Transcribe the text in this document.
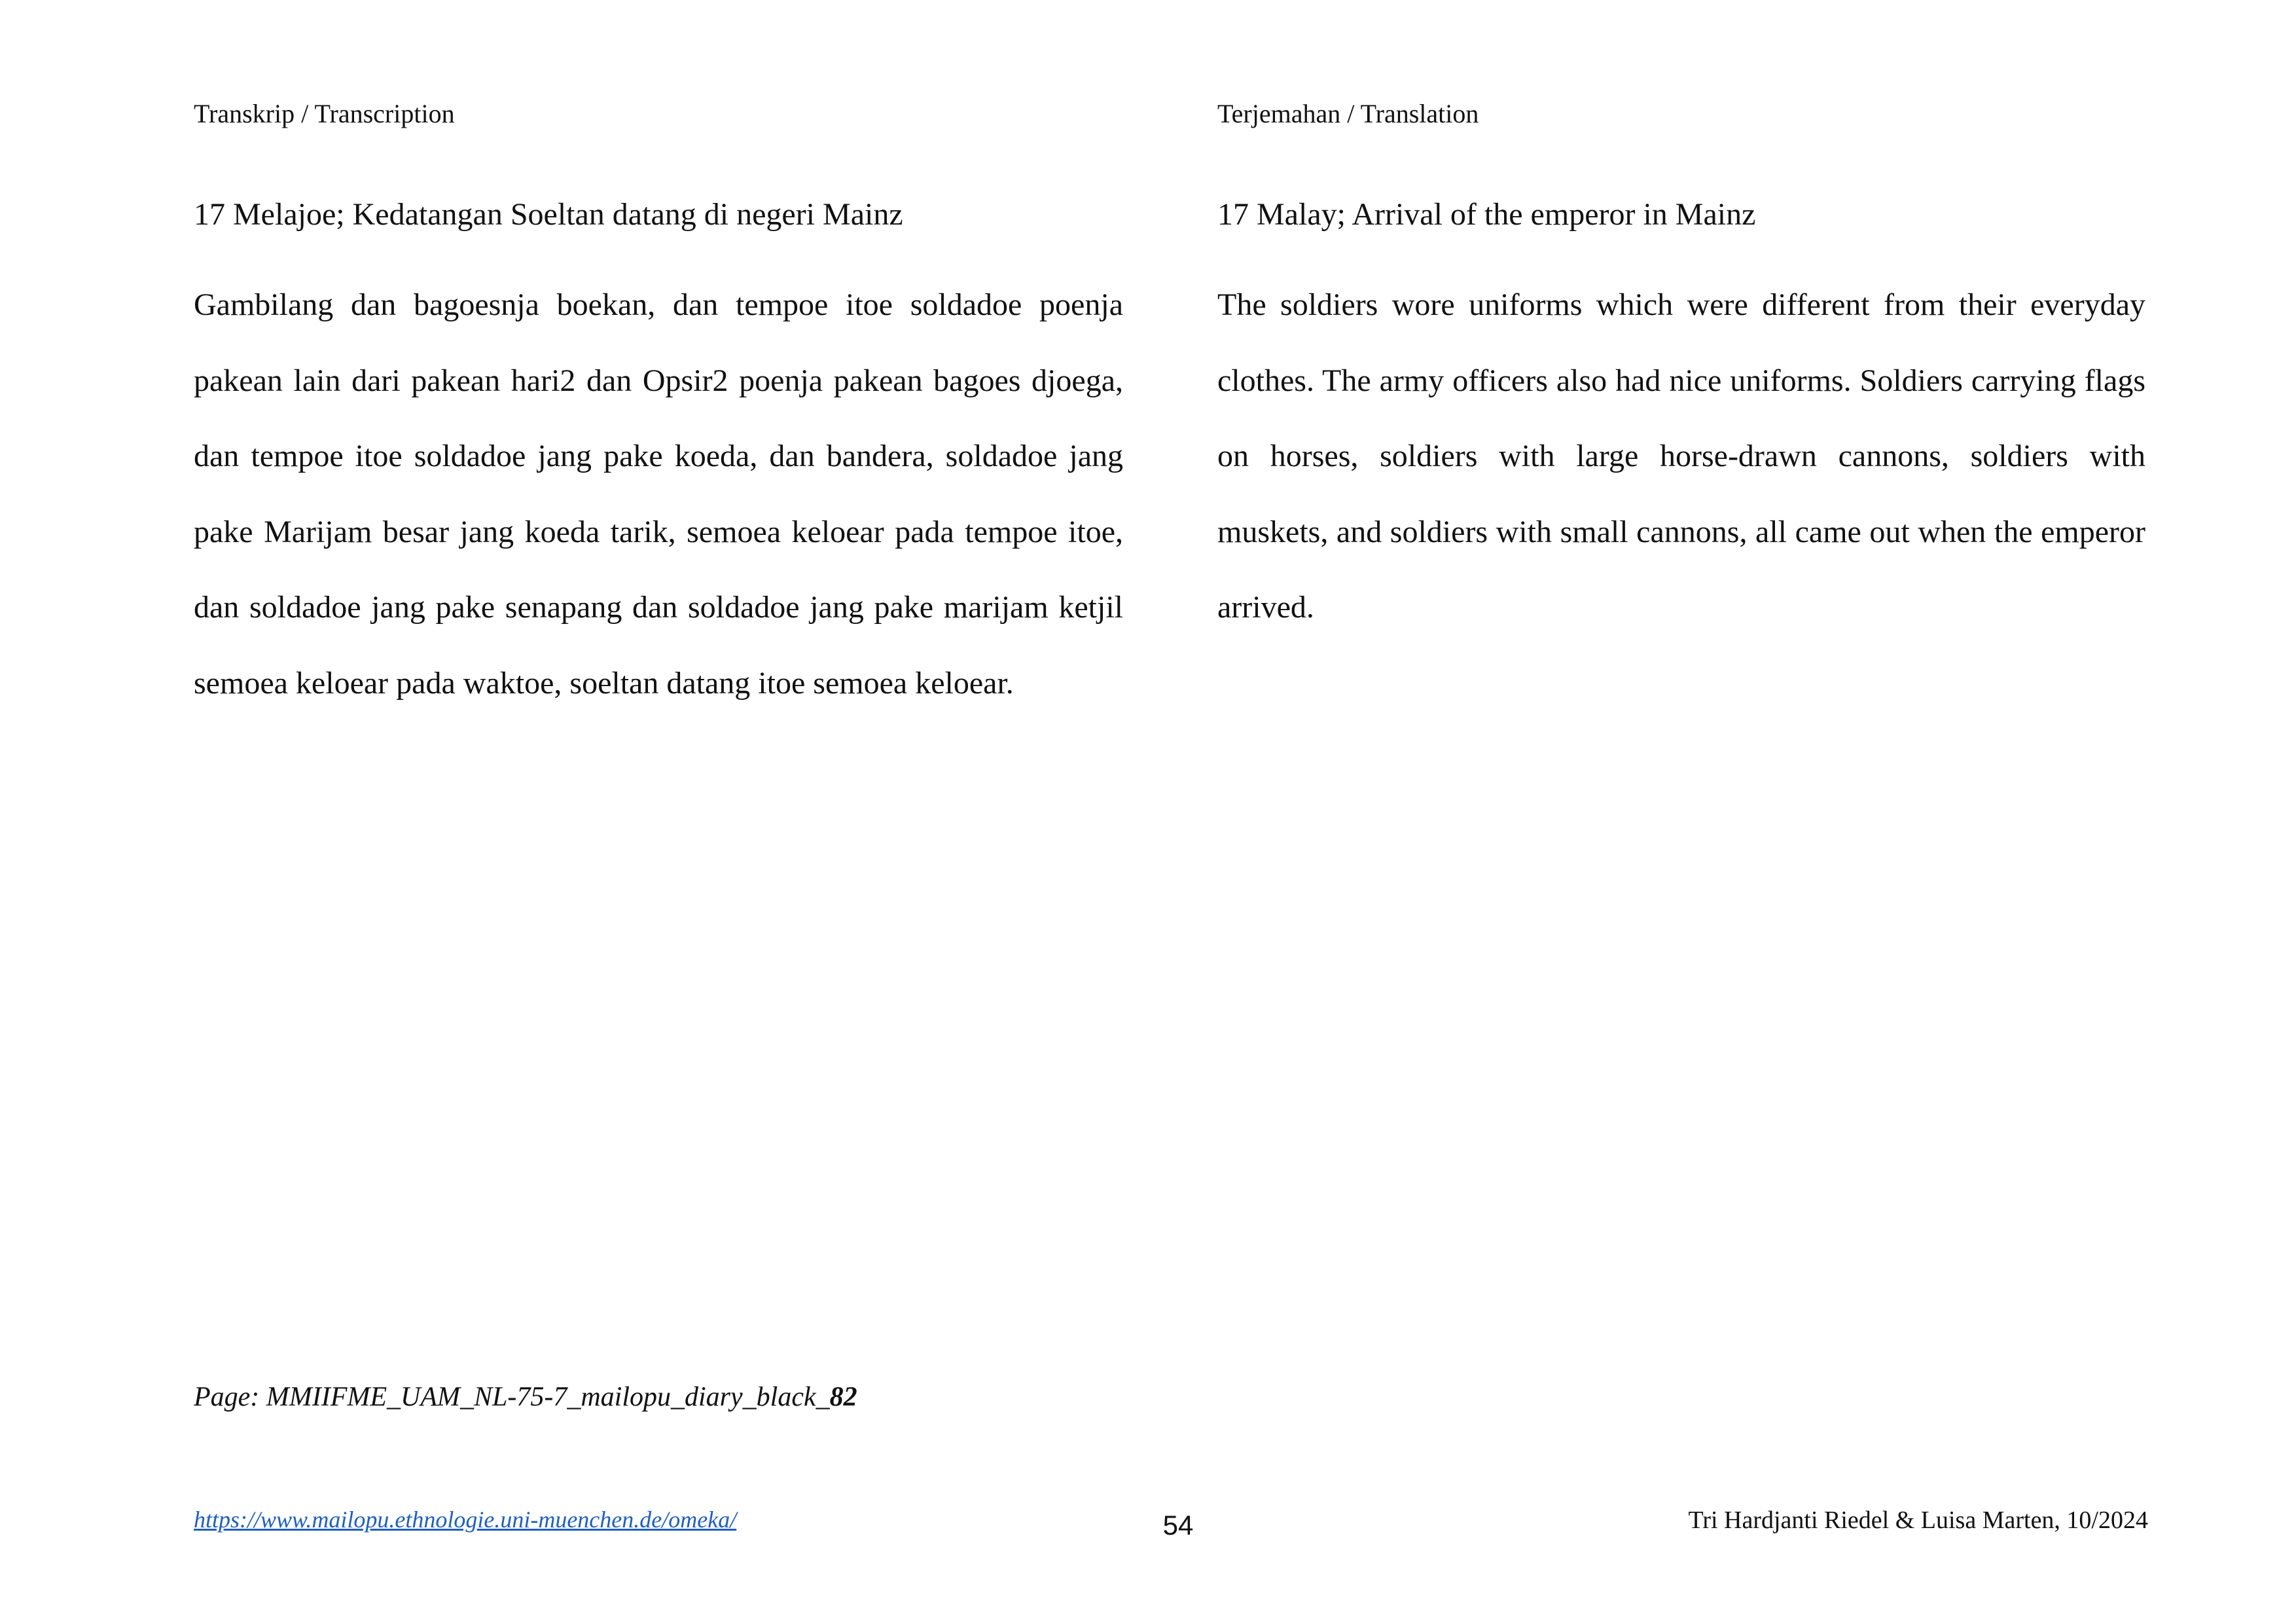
Transkrip / Transcription
17 Melajoe; Kedatangan Soeltan datang di negeri Mainz

Gambilang dan bagoesnja boekan, dan tempoe itoe soldadoe poenja pakean lain dari pakean hari2 dan Opsir2 poenja pakean bagoes djoega, dan tempoe itoe soldadoe jang pake koeda, dan bandera, soldadoe jang pake Marijam besar jang koeda tarik, semoea keloear pada tempoe itoe, dan soldadoe jang pake senapang dan soldadoe jang pake marijam ketjil semoea keloear pada waktoe, soeltan datang itoe semoea keloear.

Terjemahan / Translation
17 Malay; Arrival of the emperor in Mainz

The soldiers wore uniforms which were different from their everyday clothes. The army officers also had nice uniforms. Soldiers carrying flags on horses, soldiers with large horse-drawn cannons, soldiers with muskets, and soldiers with small cannons, all came out when the emperor arrived.

Page: MMIIFME_UAM_NL-75-7_mailopu_diary_black_82
https://www.mailopu.ethnologie.uni-muenchen.de/omeka/	54	Tri Hardjanti Riedel & Luisa Marten, 10/2024
